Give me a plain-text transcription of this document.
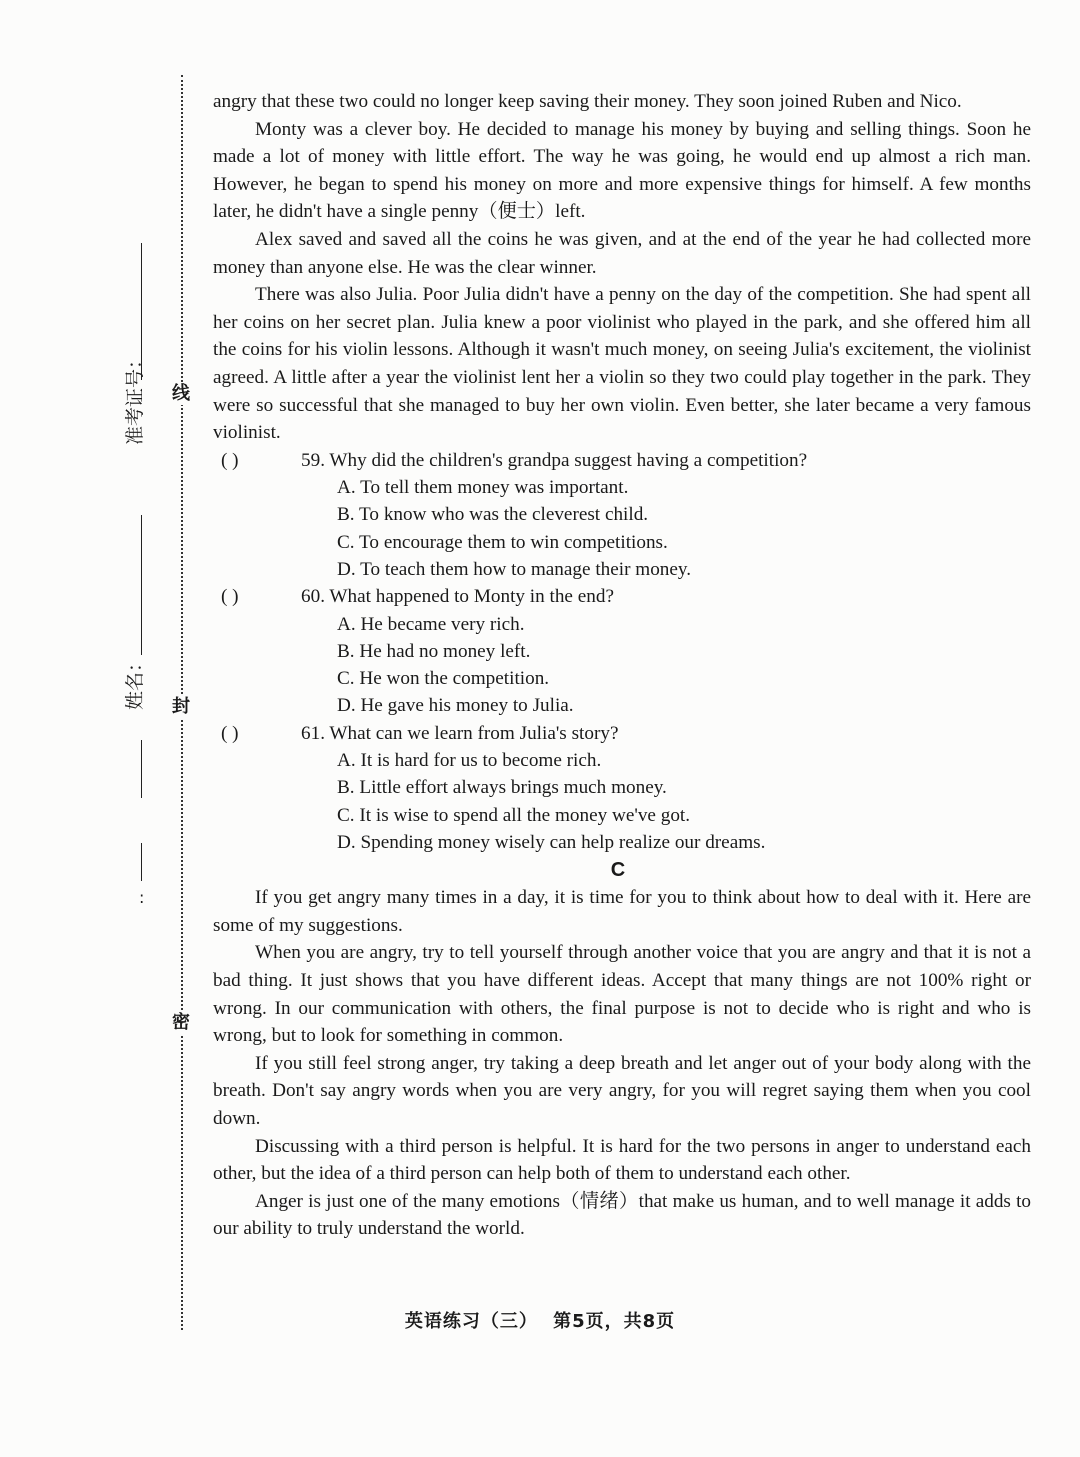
线
封
密
准考证号：
姓名：
:

angry that these two could no longer keep saving their money. They soon joined Ruben and Nico.

Monty was a clever boy. He decided to manage his money by buying and selling things. Soon he made a lot of money with little effort. The way he was going, he would end up almost a rich man. However, he began to spend his money on more and more expensive things for himself. A few months later, he didn't have a single penny（便士）left.

Alex saved and saved all the coins he was given, and at the end of the year he had collected more money than anyone else. He was the clear winner.

There was also Julia. Poor Julia didn't have a penny on the day of the competition. She had spent all her coins on her secret plan. Julia knew a poor violinist who played in the park, and she offered him all the coins for his violin lessons. Although it wasn't much money, on seeing Julia's excitement, the violinist agreed. A little after a year the violinist lent her a violin so they two could play together in the park. They were so successful that she managed to buy her own violin. Even better, she later became a very famous violinist.

( )	59. Why did the children's grandpa suggest having a competition?
A. To tell them money was important.
B. To know who was the cleverest child.
C. To encourage them to win competitions.
D. To teach them how to manage their money.
( )	60. What happened to Monty in the end?
A. He became very rich.
B. He had no money left.
C. He won the competition.
D. He gave his money to Julia.
( )	61. What can we learn from Julia's story?
A. It is hard for us to become rich.
B. Little effort always brings much money.
C. It is wise to spend all the money we've got.
D. Spending money wisely can help realize our dreams.
C

If you get angry many times in a day, it is time for you to think about how to deal with it. Here are some of my suggestions.

When you are angry, try to tell yourself through another voice that you are angry and that it is not a bad thing. It just shows that you have different ideas. Accept that many things are not 100% right or wrong. In our communication with others, the final purpose is not to decide who is right and who is wrong, but to look for something in common.

If you still feel strong anger, try taking a deep breath and let anger out of your body along with the breath. Don't say angry words when you are very angry, for you will regret saying them when you cool down.

Discussing with a third person is helpful. It is hard for the two persons in anger to understand each other, but the idea of a third person can help both of them to understand each other.

Anger is just one of the many emotions（情绪）that make us human, and to well manage it adds to our ability to truly understand the world.

英语练习（三） 第5页，共8页
